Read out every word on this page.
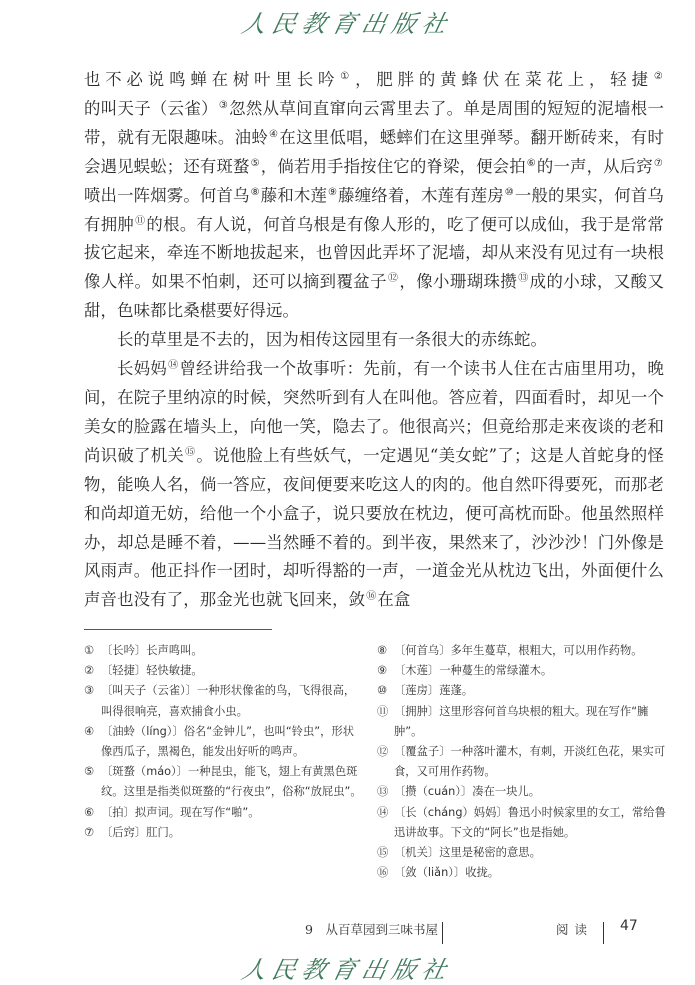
人民教育出版社

也不必说鸣蝉在树叶里长吟①，肥胖的黄蜂伏在菜花上，轻捷②的叫天子（云雀）③忽然从草间直窜向云霄里去了。单是周围的短短的泥墙根一带，就有无限趣味。油蛉④在这里低唱，蟋蟀们在这里弹琴。翻开断砖来，有时会遇见蜈蚣；还有斑蝥⑤，倘若用手指按住它的脊梁，便会拍⑥的一声，从后窍⑦喷出一阵烟雾。何首乌⑧藤和木莲⑨藤缠络着，木莲有莲房⑩一般的果实，何首乌有拥肿⑪的根。有人说，何首乌根是有像人形的，吃了便可以成仙，我于是常常拔它起来，牵连不断地拔起来，也曾因此弄坏了泥墙，却从来没有见过有一块根像人样。如果不怕刺，还可以摘到覆盆子⑫，像小珊瑚珠攒⑬成的小球，又酸又甜，色味都比桑椹要好得远。

长的草里是不去的，因为相传这园里有一条很大的赤练蛇。

长妈妈⑭曾经讲给我一个故事听：先前，有一个读书人住在古庙里用功，晚间，在院子里纳凉的时候，突然听到有人在叫他。答应着，四面看时，却见一个美女的脸露在墙头上，向他一笑，隐去了。他很高兴；但竟给那走来夜谈的老和尚识破了机关⑮。说他脸上有些妖气，一定遇见“美女蛇”了；这是人首蛇身的怪物，能唤人名，倘一答应，夜间便要来吃这人的肉的。他自然吓得要死，而那老和尚却道无妨，给他一个小盒子，说只要放在枕边，便可高枕而卧。他虽然照样办，却总是睡不着，——当然睡不着的。到半夜，果然来了，沙沙沙！门外像是风雨声。他正抖作一团时，却听得豁的一声，一道金光从枕边飞出，外面便什么声音也没有了，那金光也就飞回来，敛⑯在盒

① 〔长吟〕长声鸣叫。
② 〔轻捷〕轻快敏捷。
③ 〔叫天子（云雀）〕一种形状像雀的鸟，飞得很高，叫得很响亮，喜欢捕食小虫。
④ 〔油蛉（líng）〕俗名“金钟儿”，也叫“铃虫”，形状像西瓜子，黑褐色，能发出好听的鸣声。
⑤ 〔斑蝥（máo）〕一种昆虫，能飞，翅上有黄黑色斑纹。这里是指类似斑蝥的“行夜虫”，俗称“放屁虫”。
⑥ 〔拍〕拟声词。现在写作“啪”。
⑦ 〔后窍〕肛门。
⑧ 〔何首乌〕多年生蔓草，根粗大，可以用作药物。
⑨ 〔木莲〕一种蔓生的常绿灌木。
⑩ 〔莲房〕莲蓬。
⑪ 〔拥肿〕这里形容何首乌块根的粗大。现在写作“臃肿”。
⑫ 〔覆盆子〕一种落叶灌木，有刺，开淡红色花，果实可食，又可用作药物。
⑬ 〔攒（cuán）〕凑在一块儿。
⑭ 〔长（cháng）妈妈〕鲁迅小时候家里的女工，常给鲁迅讲故事。下文的“阿长”也是指她。
⑮ 〔机关〕这里是秘密的意思。
⑯ 〔敛（liǎn）〕收拢。
9　从百草园到三味书屋	阅读 47
人民教育出版社
